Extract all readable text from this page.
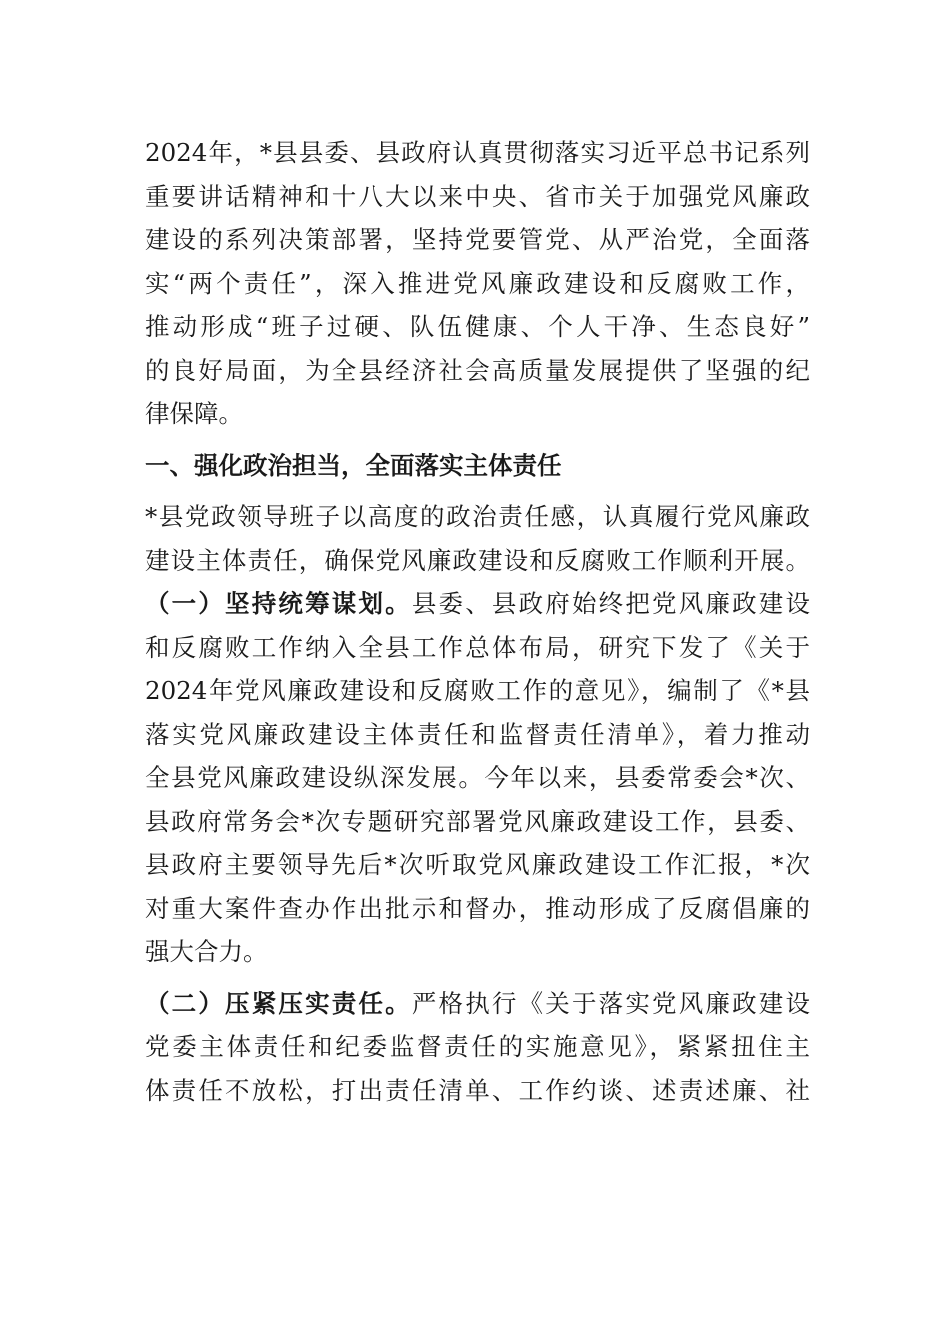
2024年，*县县委、县政府认真贯彻落实习近平总书记系列
重要讲话精神和十八大以来中央、省市关于加强党风廉政
建设的系列决策部署，坚持党要管党、从严治党，全面落
实“两个责任”，深入推进党风廉政建设和反腐败工作，
推动形成“班子过硬、队伍健康、个人干净、生态良好”
的良好局面，为全县经济社会高质量发展提供了坚强的纪
律保障。
一、强化政治担当，全面落实主体责任
*县党政领导班子以高度的政治责任感，认真履行党风廉政
建设主体责任，确保党风廉政建设和反腐败工作顺利开展。
（一）坚持统筹谋划。县委、县政府始终把党风廉政建设
和反腐败工作纳入全县工作总体布局，研究下发了《关于
2024年党风廉政建设和反腐败工作的意见》，编制了《*县
落实党风廉政建设主体责任和监督责任清单》，着力推动
全县党风廉政建设纵深发展。今年以来，县委常委会*次、
县政府常务会*次专题研究部署党风廉政建设工作，县委、
县政府主要领导先后*次听取党风廉政建设工作汇报，*次
对重大案件查办作出批示和督办，推动形成了反腐倡廉的
强大合力。
（二）压紧压实责任。严格执行《关于落实党风廉政建设
党委主体责任和纪委监督责任的实施意见》，紧紧扭住主
体责任不放松，打出责任清单、工作约谈、述责述廉、社
